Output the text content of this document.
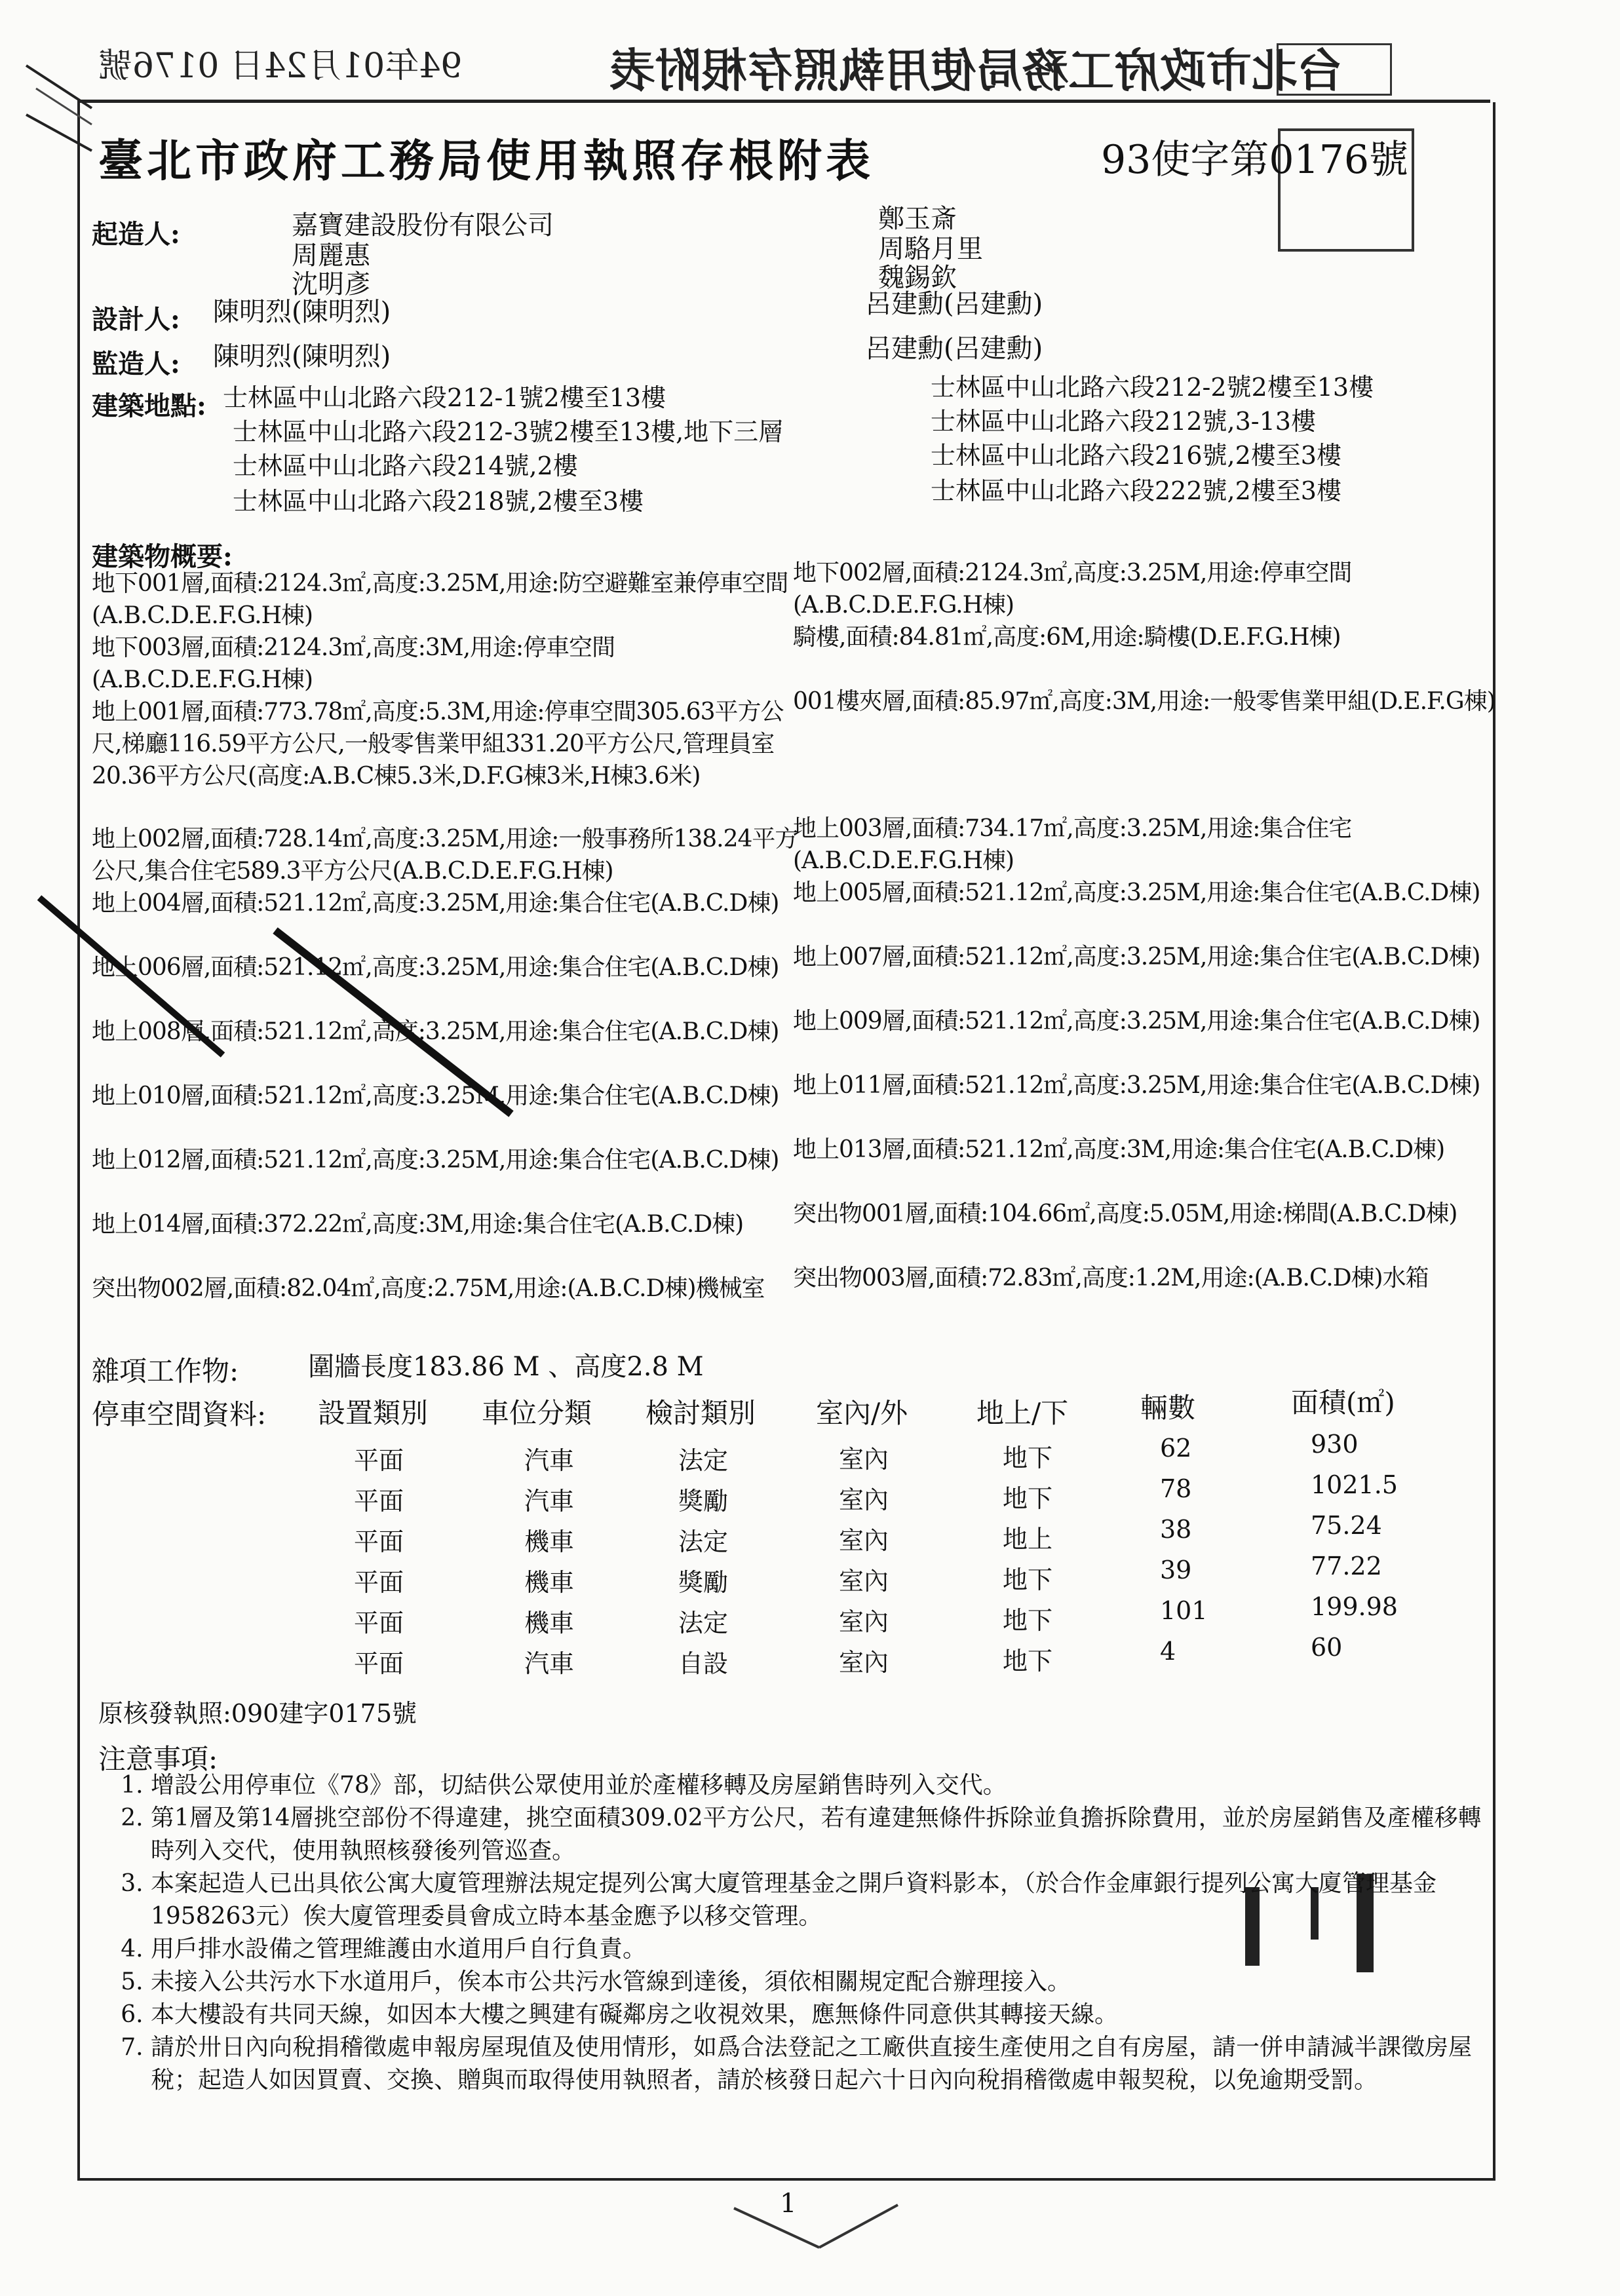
94年01月24日 0176號	台北市政府工務局使用執照存根附表
臺北市政府工務局使用執照存根附表	93使字第0176號
起造人:	嘉寶建設股份有限公司
周麗惠
沈明彥
鄭玉斎
周駱月里
魏錫欽
設計人: 陳明烈(陳明烈)	呂建勳(呂建勳)
監造人: 陳明烈(陳明烈)	呂建勳(呂建勳)
建築地點: 士林區中山北路六段212-1號2樓至13樓
士林區中山北路六段212-3號2樓至13樓,地下三層
士林區中山北路六段214號,2樓
士林區中山北路六段218號,2樓至3樓
士林區中山北路六段212-2號2樓至13樓
士林區中山北路六段212號,3-13樓
士林區中山北路六段216號,2樓至3樓
士林區中山北路六段222號,2樓至3樓
建築物概要:
地下001層,面積:2124.3㎡,高度:3.25M,用途:防空避難室兼停車空間(A.B.C.D.E.F.G.H棟)
地下003層,面積:2124.3㎡,高度:3M,用途:停車空間(A.B.C.D.E.F.G.H棟)
地上001層,面積:773.78㎡,高度:5.3M,用途:停車空間305.63平方公尺,梯廳116.59平方公尺,一般零售業甲組331.20平方公尺,管理員室20.36平方公尺(高度:A.B.C棟5.3米,D.F.G棟3米,H棟3.6米)
地上002層,面積:728.14㎡,高度:3.25M,用途:一般事務所138.24平方公尺,集合住宅589.3平方公尺(A.B.C.D.E.F.G.H棟)
地上004層,面積:521.12㎡,高度:3.25M,用途:集合住宅(A.B.C.D棟)
地上006層,面積:521.12㎡,高度:3.25M,用途:集合住宅(A.B.C.D棟)
地上008層,面積:521.12㎡,高度:3.25M,用途:集合住宅(A.B.C.D棟)
地上010層,面積:521.12㎡,高度:3.25M,用途:集合住宅(A.B.C.D棟)
地上012層,面積:521.12㎡,高度:3.25M,用途:集合住宅(A.B.C.D棟)
地上014層,面積:372.22㎡,高度:3M,用途:集合住宅(A.B.C.D棟)
突出物002層,面積:82.04㎡,高度:2.75M,用途:(A.B.C.D棟)機械室
地下002層,面積:2124.3㎡,高度:3.25M,用途:停車空間(A.B.C.D.E.F.G.H棟)
騎樓,面積:84.81㎡,高度:6M,用途:騎樓(D.E.F.G.H棟)
001樓夾層,面積:85.97㎡,高度:3M,用途:一般零售業甲組(D.E.F.G棟)
地上003層,面積:734.17㎡,高度:3.25M,用途:集合住宅(A.B.C.D.E.F.G.H棟)
地上005層,面積:521.12㎡,高度:3.25M,用途:集合住宅(A.B.C.D棟)
地上007層,面積:521.12㎡,高度:3.25M,用途:集合住宅(A.B.C.D棟)
地上009層,面積:521.12㎡,高度:3.25M,用途:集合住宅(A.B.C.D棟)
地上011層,面積:521.12㎡,高度:3.25M,用途:集合住宅(A.B.C.D棟)
地上013層,面積:521.12㎡,高度:3M,用途:集合住宅(A.B.C.D棟)
突出物001層,面積:104.66㎡,高度:5.05M,用途:梯間(A.B.C.D棟)
突出物003層,面積:72.83㎡,高度:1.2M,用途:(A.B.C.D棟)水箱
雜項工作物:	圍牆長度183.86 M 、高度2.8 M
停車空間資料: 設置類別 車位分類 檢討類別 室內/外 地上/下	輛數	面積(㎡)
平面	汽車	法定	室內	地下	62	930
平面	汽車	獎勵	室內	地下	78	1021.5
平面	機車	法定	室內	地上	38	75.24
平面	機車	獎勵	室內	地下	39	77.22
平面	機車	法定	室內	地下	101	199.98
平面	汽車	自設	室內	地下	4	60
原核發執照:090建字0175號
注意事項:
1. 增設公用停車位《78》部，切結供公眾使用並於產權移轉及房屋銷售時列入交代。
2. 第1層及第14層挑空部份不得違建，挑空面積309.02平方公尺，若有違建無條件拆除並負擔拆除費用，並於房屋銷售及產權移轉時列入交代，使用執照核發後列管巡查。
3. 本案起造人已出具依公寓大廈管理辦法規定提列公寓大廈管理基金之開戶資料影本，（於合作金庫銀行提列公寓大廈管理基金1958263元）俟大廈管理委員會成立時本基金應予以移交管理。
4. 用戶排水設備之管理維護由水道用戶自行負責。
5. 未接入公共污水下水道用戶，俟本市公共污水管線到達後，須依相關規定配合辦理接入。
6. 本大樓設有共同天線，如因本大樓之興建有礙鄰房之收視效果，應無條件同意供其轉接天線。
7. 請於卅日內向稅捐稽徵處申報房屋現值及使用情形，如爲合法登記之工廠供直接生產使用之自有房屋，請一併申請減半課徵房屋稅；起造人如因買賣、交換、贈與而取得使用執照者，請於核發日起六十日內向稅捐稽徵處申報契稅，以免逾期受罰。
1
